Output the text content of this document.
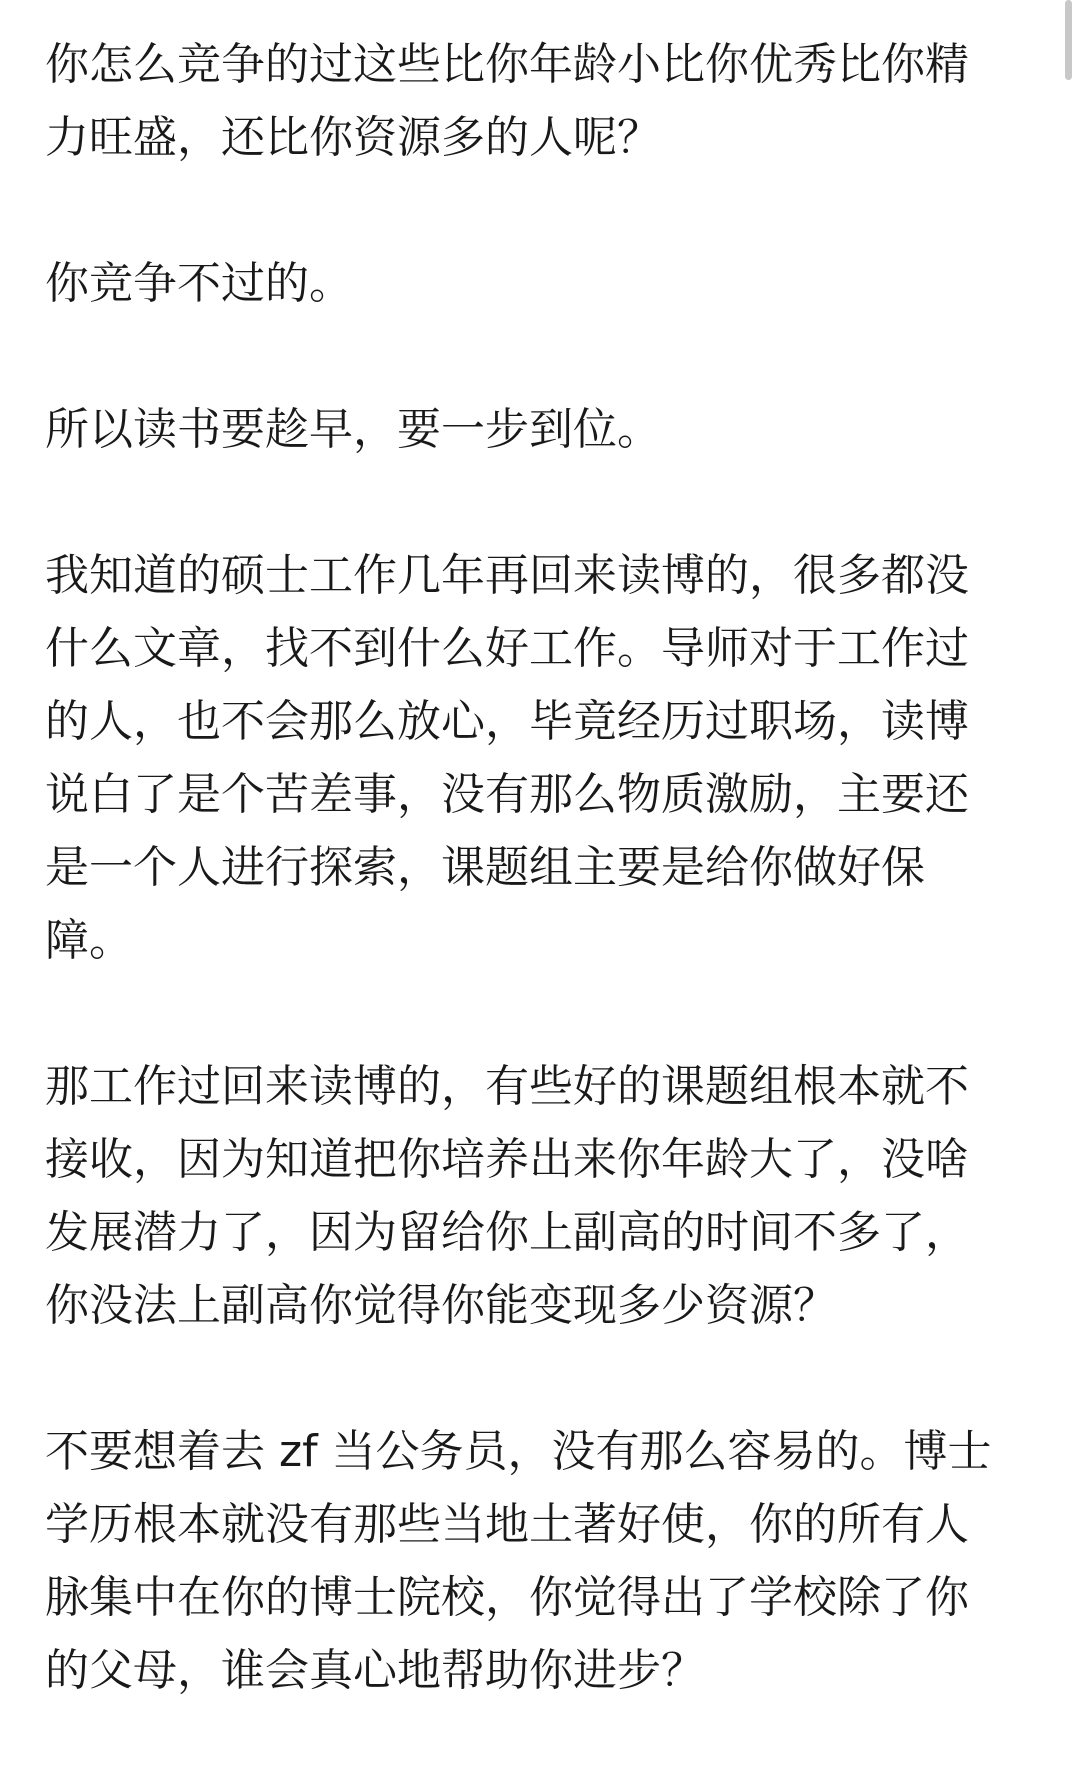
你怎么竞争的过这些比你年龄小比你优秀比你精
力旺盛，还比你资源多的人呢？

你竞争不过的。

所以读书要趁早，要一步到位。

我知道的硕士工作几年再回来读博的，很多都没
什么文章，找不到什么好工作。导师对于工作过
的人，也不会那么放心，毕竟经历过职场，读博
说白了是个苦差事，没有那么物质激励，主要还
是一个人进行探索，课题组主要是给你做好保
障。

那工作过回来读博的，有些好的课题组根本就不
接收，因为知道把你培养出来你年龄大了，没啥
发展潜力了，因为留给你上副高的时间不多了，
你没法上副高你觉得你能变现多少资源？

不要想着去 zf 当公务员，没有那么容易的。博士
学历根本就没有那些当地土著好使，你的所有人
脉集中在你的博士院校，你觉得出了学校除了你
的父母，谁会真心地帮助你进步？
